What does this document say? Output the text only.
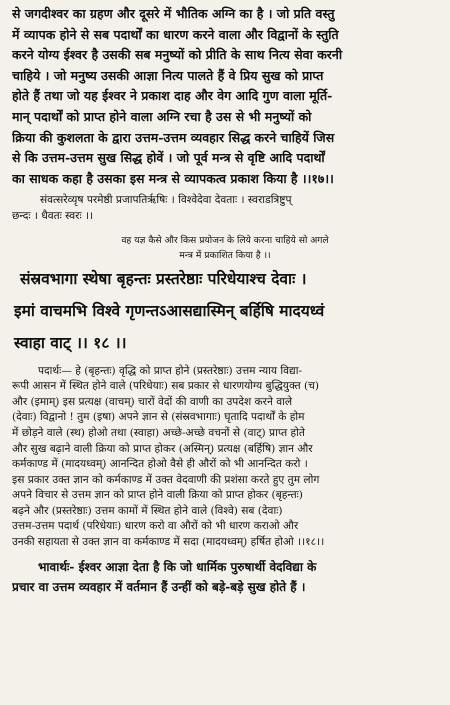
से जगदीश्वर का ग्रहण और दूसरे में भौतिक अग्नि का है । जो प्रति वस्तु

में व्यापक होने से सब पदार्थों का धारण करने वाला और विद्वानों के स्तुति

करने योग्य ईश्वर है उसकी सब मनुष्यों को प्रीति के साथ नित्य सेवा करनी

चाहिये । जो मनुष्य उसकी आज्ञा नित्य पालते हैं वे प्रिय सुख को प्राप्त

होते हैं तथा जो यह ईश्वर ने प्रकाश दाह और वेग आदि गुण वाला मूर्ति-

मान् पदार्थों को प्राप्त होने वाला अग्नि रचा है उस से भी मनुष्यों को

क्रिया की कुशलता के द्वारा उत्तम-उत्तम व्यवहार सिद्ध करने चाहियें जिस

से कि उत्तम-उत्तम सुख सिद्ध होवें । जो पूर्व मन्त्र से वृष्टि आदि पदार्थों

का साधक कहा है उसका इस मन्त्र से व्यापकत्व प्रकाश किया है ।।१७।।

संवत्सरेव्यृष परमेष्ठी प्रजापतिर्ऋषिः । विश्वेदेवा देवताः । स्वराडत्रिष्टुप्

छन्दः । धैवतः स्वरः ।।

वह यज्ञ कैसे और किस प्रयोजन के लिये करना चाहिये सो अगले

मन्त्र में प्रकाशित किया है ।।

संस्रवभागा स्थेषा बृहन्तः प्रस्तरेष्ठाः परिधेयाश्च देवाः ।

इमां वाचमभि विश्वे गृणन्तऽआसद्यास्मिन् बर्हिषि मादयध्वं

स्वाहा वाट् ।। १८ ।।

पदार्थः— हे (बृहन्तः) वृद्धि को प्राप्त होने (प्रस्तरेष्ठाः) उत्तम न्याय विद्या-

रूपी आसन में स्थित होने वाले (परिधेयाः) सब प्रकार से धारणयोग्य बुद्धियुक्त (च)

और (इमाम्) इस प्रत्यक्ष (वाचम्) चारों वेदों की वाणी का उपदेश करने वाले

(देवाः) विद्वानो ! तुम (इषा) अपने ज्ञान से (संस्रवभागाः) घृतादि पदार्थों के होम

में छोड़ने वाले (स्थ) होओ तथा (स्वाहा) अच्छे-अच्छे वचनों से (वाट्) प्राप्त होते

और सुख बढ़ाने वाली क्रिया को प्राप्त होकर (अस्मिन्) प्रत्यक्ष (बर्हिषि) ज्ञान और

कर्मकाण्ड में (मादयध्वम्) आनन्दित होओ वैसे ही औरों को भी आनन्दित करो ।

इस प्रकार उक्त ज्ञान को कर्मकाण्ड में उक्त वेदवाणी की प्रशंसा करते हुए तुम लोग

अपने विचार से उत्तम ज्ञान को प्राप्त होने वाली क्रिया को प्राप्त होकर (बृहन्तः)

बढ़ने और (प्रस्तरेष्ठाः) उत्तम कामों में स्थित होने वाले (विश्वे) सब (देवाः)

उत्तम-उत्तम पदार्थ (परिधेयाः) धारण करो वा औरों को भी धारण कराओ और

उनकी सहायता से उक्त ज्ञान वा कर्मकाण्ड में सदा (मादयध्वम्) हर्षित होओ ।।१८।।

भावार्थः- ईश्वर आज्ञा देता है कि जो धार्मिक पुरुषार्थी वेदविद्या के

प्रचार वा उत्तम व्यवहार में वर्तमान हैं उन्हीं को बड़े-बड़े सुख होते हैं ।
